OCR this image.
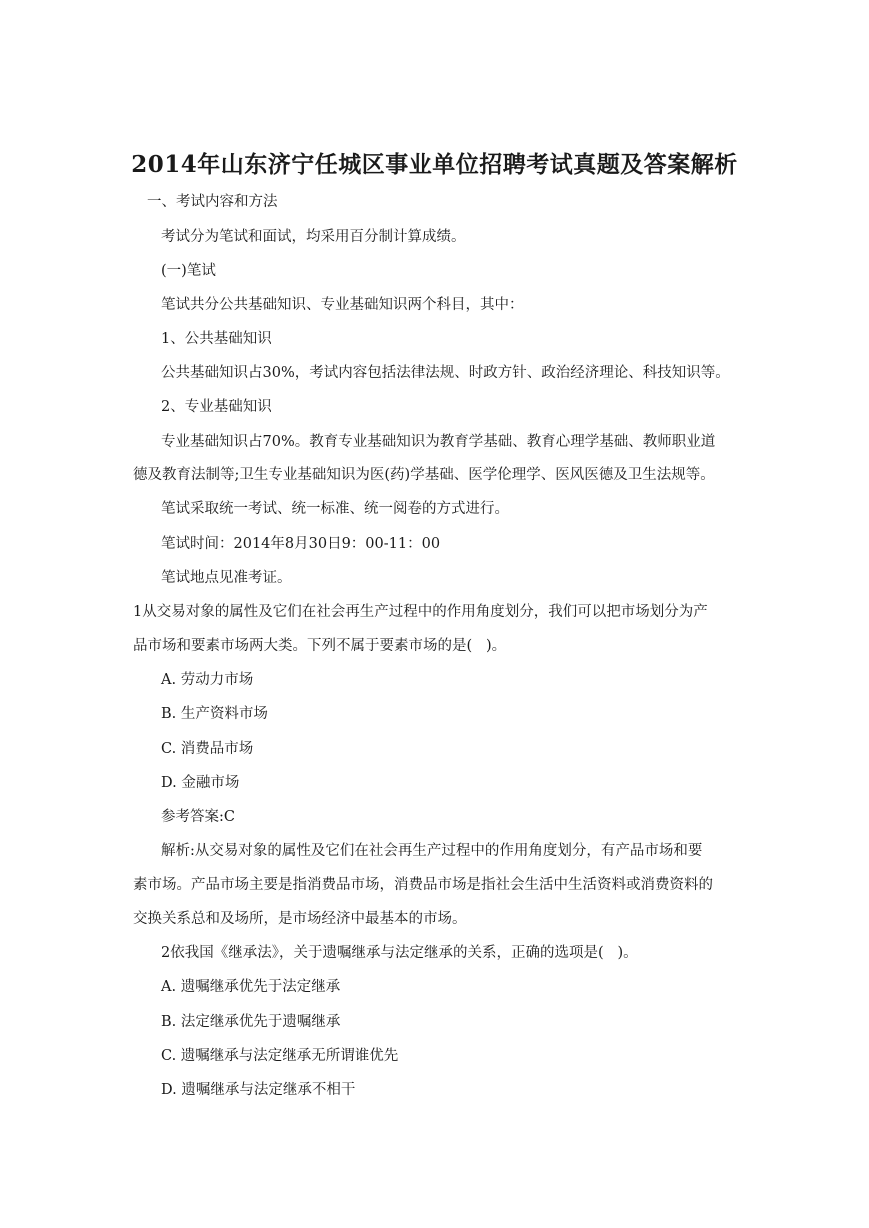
2014年山东济宁任城区事业单位招聘考试真题及答案解析
一、考试内容和方法
考试分为笔试和面试，均采用百分制计算成绩。
(一)笔试
笔试共分公共基础知识、专业基础知识两个科目，其中：
1、公共基础知识
公共基础知识占30%，考试内容包括法律法规、时政方针、政治经济理论、科技知识等。
2、专业基础知识
专业基础知识占70%。教育专业基础知识为教育学基础、教育心理学基础、教师职业道
德及教育法制等;卫生专业基础知识为医(药)学基础、医学伦理学、医风医德及卫生法规等。
笔试采取统一考试、统一标准、统一阅卷的方式进行。
笔试时间：2014年8月30日9：00-11：00
笔试地点见准考证。
1从交易对象的属性及它们在社会再生产过程中的作用角度划分，我们可以把市场划分为产
品市场和要素市场两大类。下列不属于要素市场的是(   )。
A. 劳动力市场
B. 生产资料市场
C. 消费品市场
D. 金融市场
参考答案:C
解析:从交易对象的属性及它们在社会再生产过程中的作用角度划分，有产品市场和要
素市场。产品市场主要是指消费品市场，消费品市场是指社会生活中生活资料或消费资料的
交换关系总和及场所，是市场经济中最基本的市场。
2依我国《继承法》，关于遗嘱继承与法定继承的关系，正确的选项是(   )。
A. 遗嘱继承优先于法定继承
B. 法定继承优先于遗嘱继承
C. 遗嘱继承与法定继承无所谓谁优先
D. 遗嘱继承与法定继承不相干
